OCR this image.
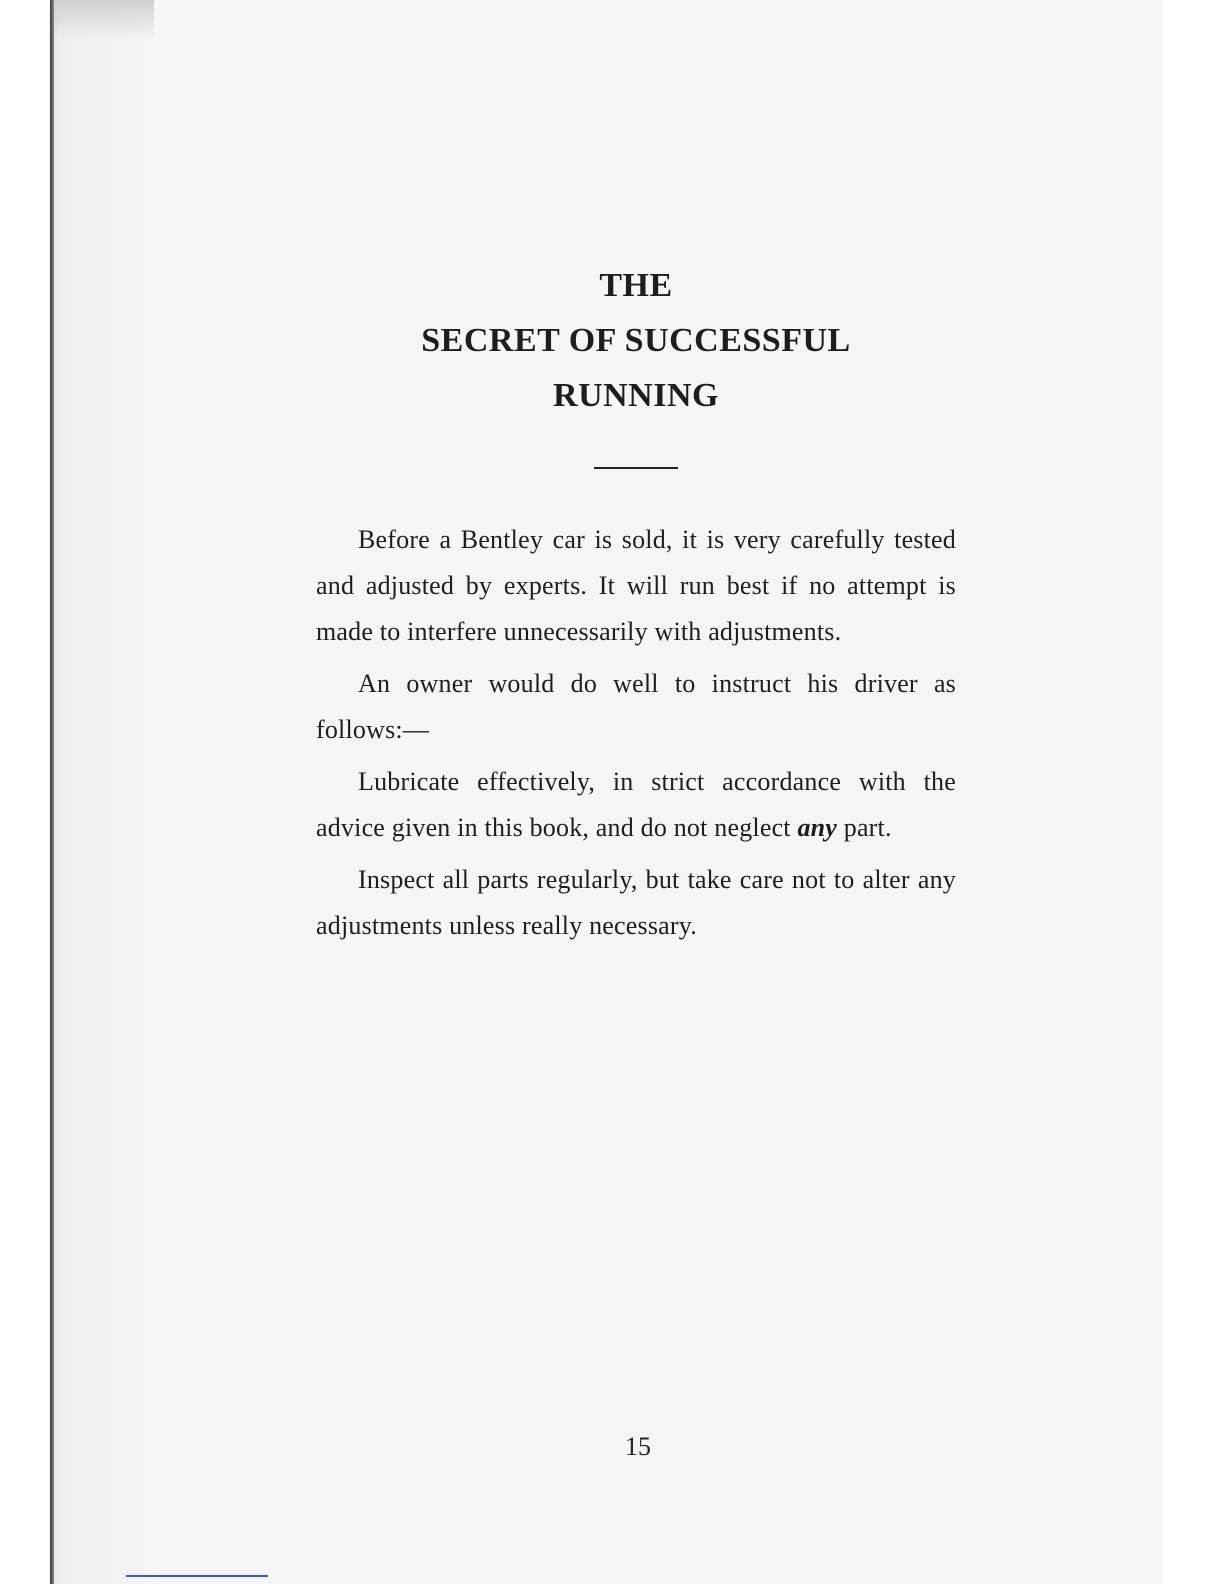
THE
SECRET OF SUCCESSFUL
RUNNING

Before a Bentley car is sold, it is very carefully tested and adjusted by experts. It will run best if no attempt is made to interfere unnecessarily with adjustments.

An owner would do well to instruct his driver as follows:—

Lubricate effectively, in strict accordance with the advice given in this book, and do not neglect any part.

Inspect all parts regularly, but take care not to alter any adjustments unless really necessary.

15
